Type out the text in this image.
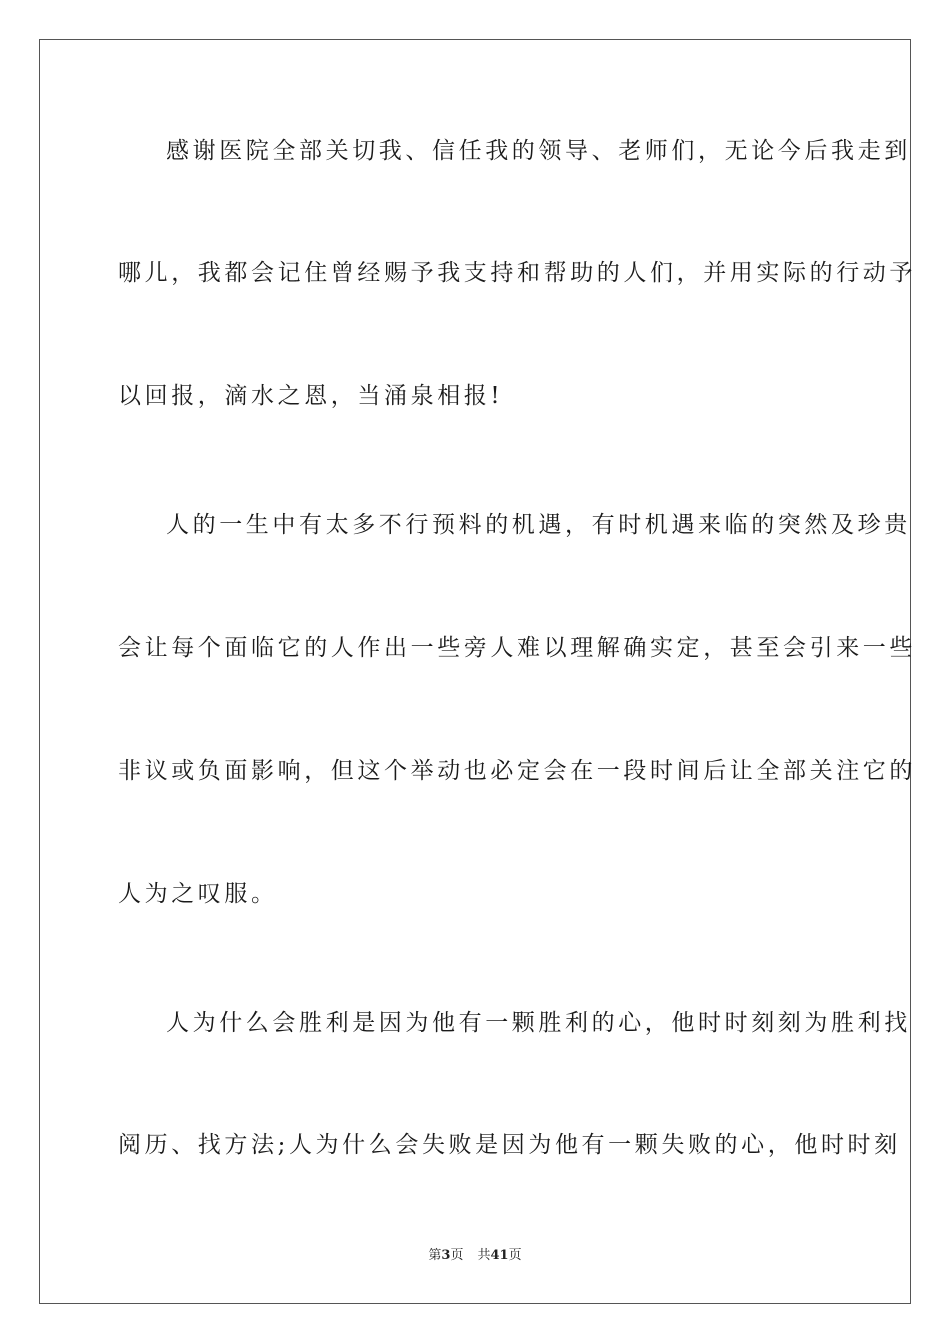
感谢医院全部关切我、信任我的领导、老师们，无论今后我走到
哪儿，我都会记住曾经赐予我支持和帮助的人们，并用实际的行动予
以回报，滴水之恩，当涌泉相报!
人的一生中有太多不行预料的机遇，有时机遇来临的突然及珍贵
会让每个面临它的人作出一些旁人难以理解确实定，甚至会引来一些
非议或负面影响，但这个举动也必定会在一段时间后让全部关注它的
人为之叹服。
人为什么会胜利是因为他有一颗胜利的心，他时时刻刻为胜利找
阅历、找方法;人为什么会失败是因为他有一颗失败的心，他时时刻
第3页 共41页
